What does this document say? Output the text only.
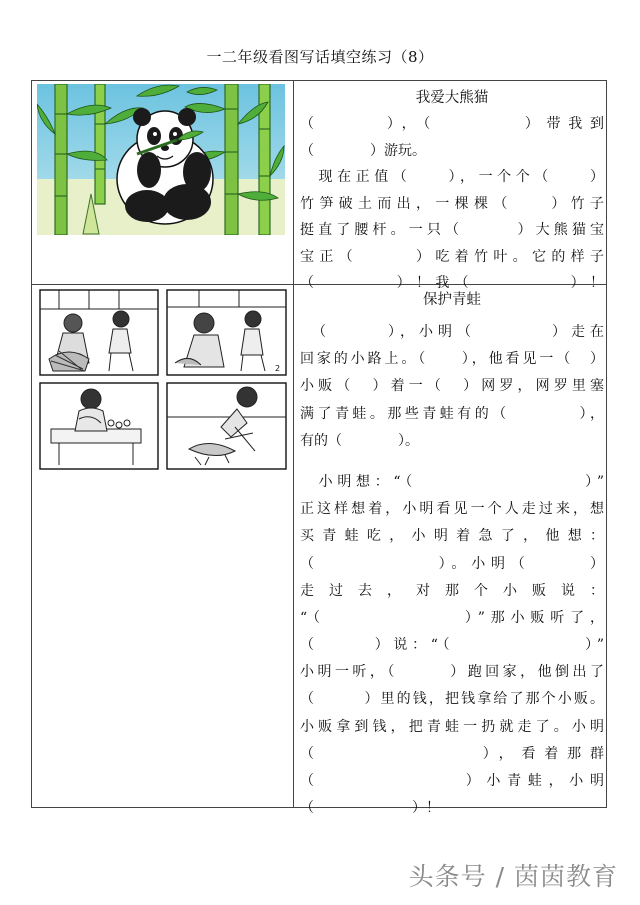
一二年级看图写话填空练习（8）
我爱大熊猫
（　　　），（　　　　）带我到
（　　　　）游玩。
　现在正值（　　），一个个（　　）
竹笋破土而出，一棵棵（　　）竹子
挺直了腰杆。一只（　　　）大熊猫宝
宝正（　　　）吃着竹叶。它的样子
（　　　　）！我（　　　　　）！
2
保护青蛙
　（　　　），小明（　　　　）走在
回家的小路上。（　　），他看见一（　）
小贩（　）着一（　）网罗，网罗里塞
满了青蛙。那些青蛙有的（　　　　），
有的（　　　　）。
　小明想：“（　　　　　　　　　）”
正这样想着，小明看见一个人走过来，想
买青蛙吃，小明着急了，他想：
（　　　　　　）。小明（　　　）
走过去，对那个小贩说：
“（　　　　　　　）”那小贩听了，
（　　　）说：“（　　　　　　　）”
小明一听，（　　　）跑回家，他倒出了
（　　　）里的钱，把钱拿给了那个小贩。
小贩拿到钱，把青蛙一扔就走了。小明
（　　　　　　　），看着那群
（　　　　　　　）小青蛙，小明
（　　　　　　　）！
头条号 / 茵茵教育
